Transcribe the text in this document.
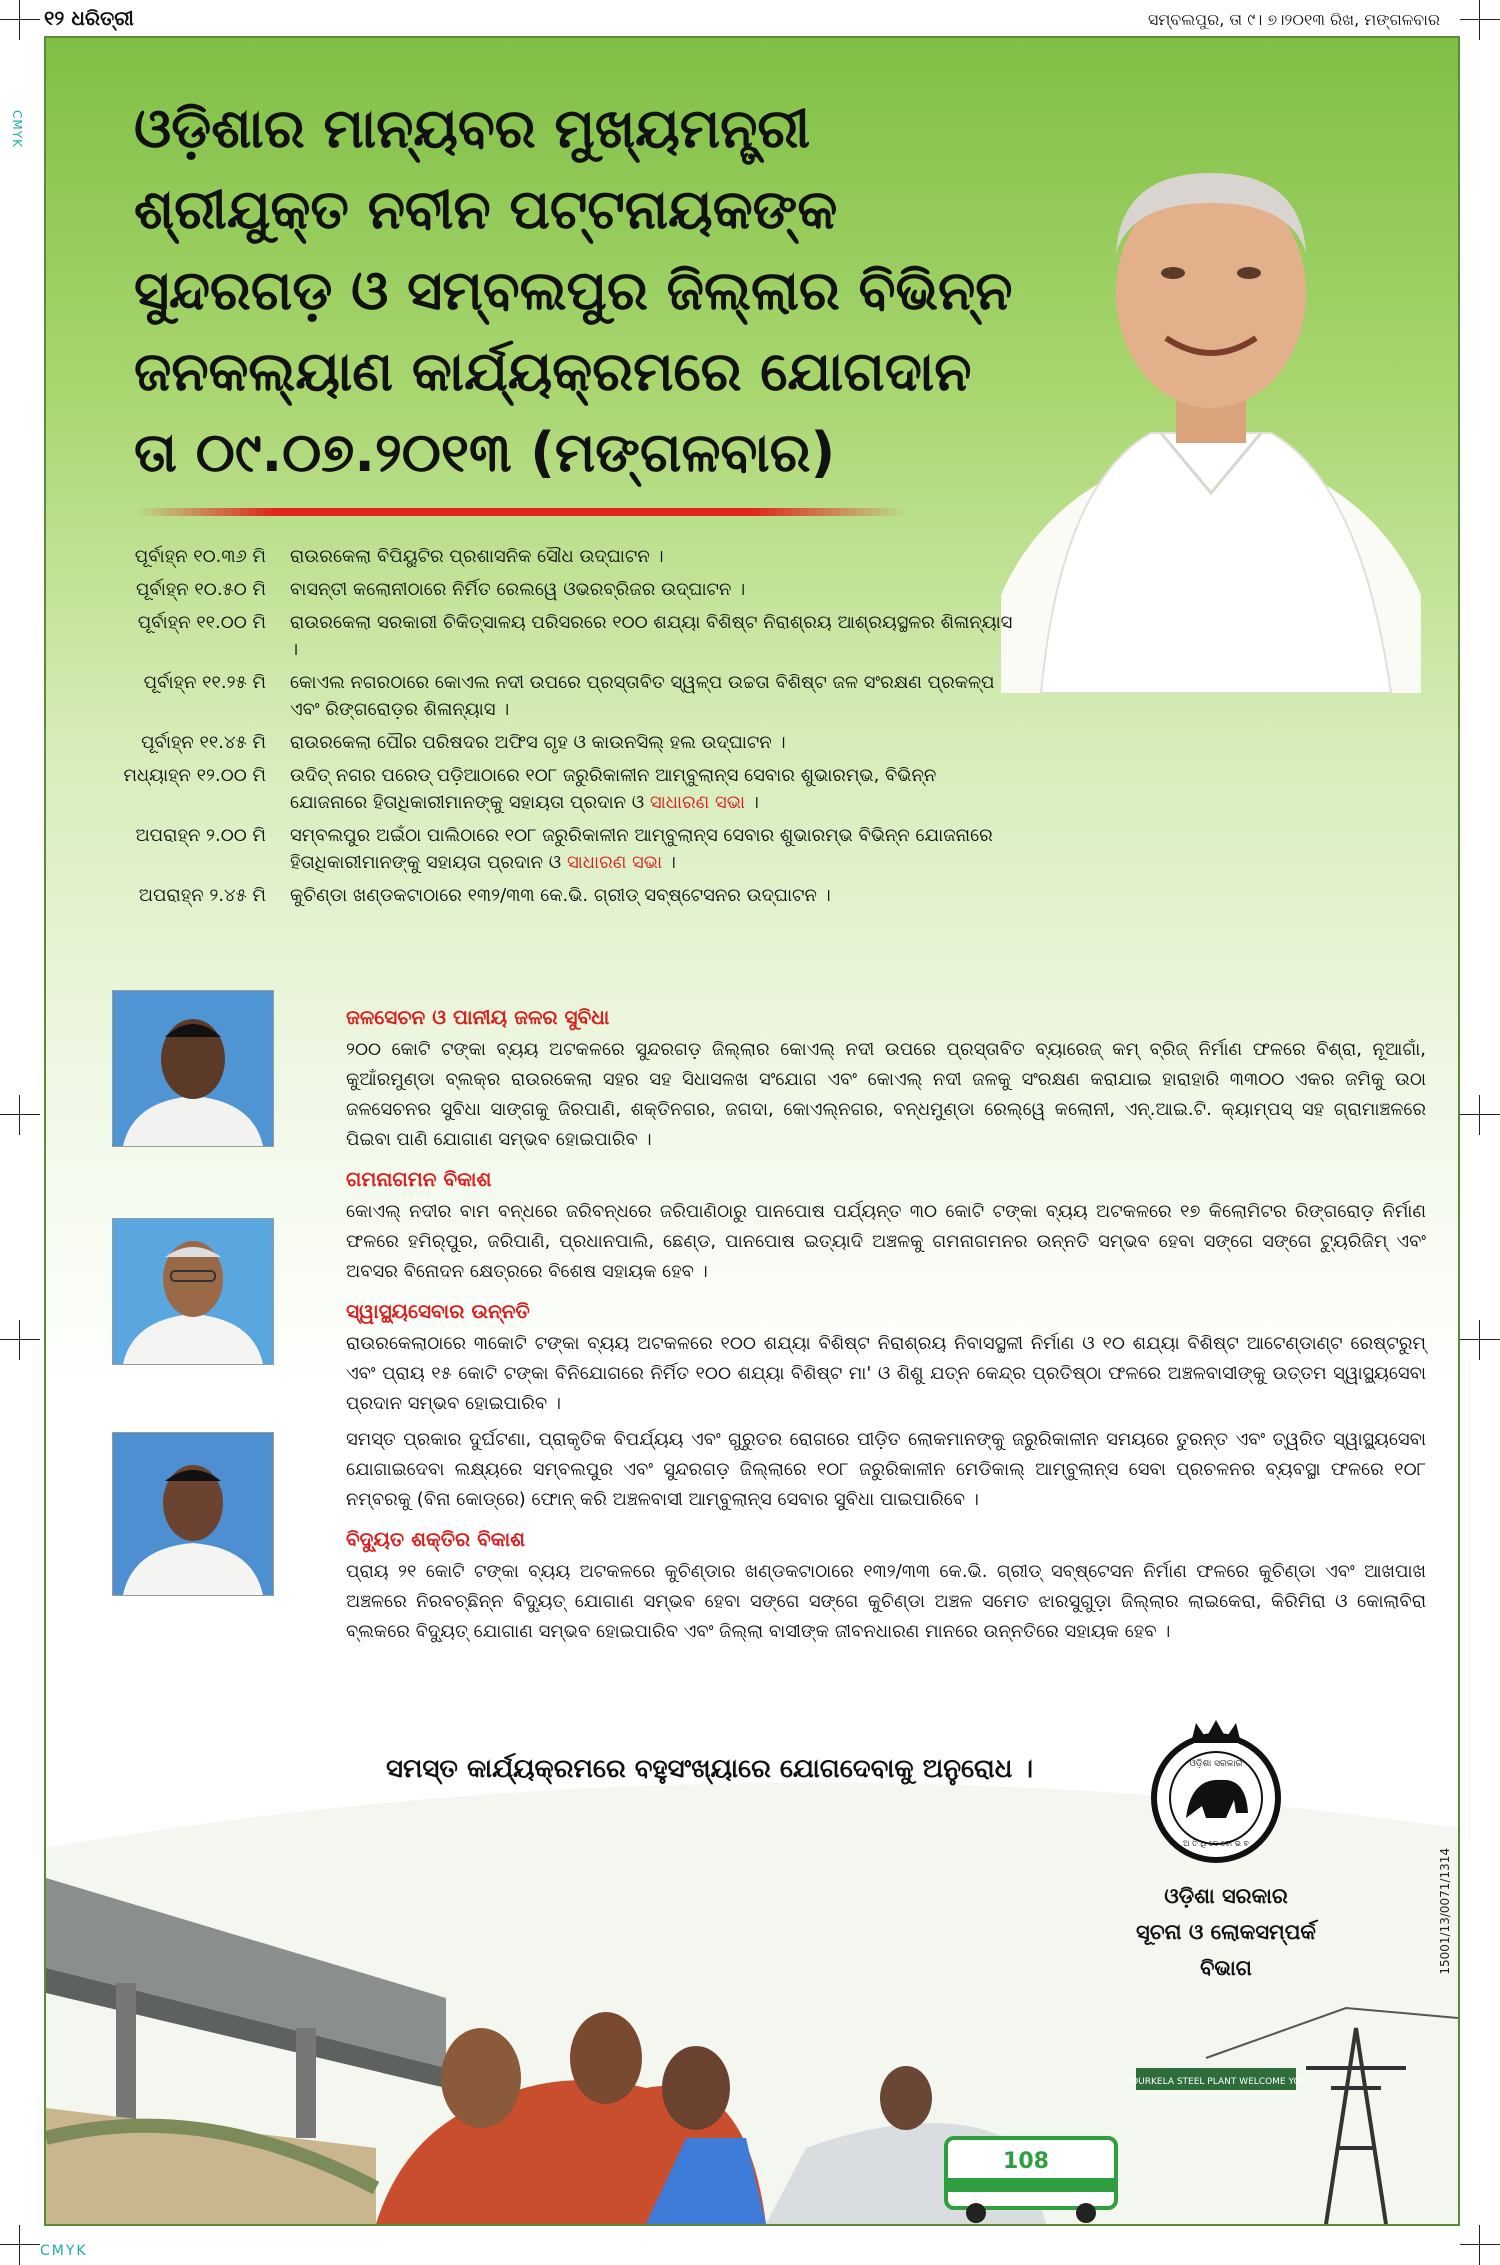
୧୨ ଧରିତ୍ରୀ	ସମ୍ବଲପୁର, ତା ୯। ୭।୨୦୧୩ ରିଖ, ମଙ୍ଗଳବାର
CMYK
CMYK
ଓଡ଼ିଶାର ମାନ୍ୟବର ମୁଖ୍ୟମନ୍ତ୍ରୀ
ଶ୍ରୀଯୁକ୍ତ ନବୀନ ପଟ୍ଟନାୟକଙ୍କ
ସୁନ୍ଦରଗଡ଼ ଓ ସମ୍ବଲପୁର ଜିଲ୍ଲାର ବିଭିନ୍ନ
ଜନକଲ୍ୟାଣ କାର୍ଯ୍ୟକ୍ରମରେ ଯୋଗଦାନ
ତା ୦୯.୦୭.୨୦୧୩ (ମଙ୍ଗଳବାର)
ପୂର୍ବାହ୍ନ ୧୦.୩୬ ମି	ରାଉରକେଲା ବିପିୟୁଟିର ପ୍ରଶାସନିକ ସୌଧ ଉଦ୍‌ଘାଟନ ।
ପୂର୍ବାହ୍ନ ୧୦.୫୦ ମି	ବାସନ୍ତୀ କଲୋନୀଠାରେ ନିର୍ମିତ ରେଲୱେ ଓଭରବ୍ରିଜର ଉଦ୍‌ଘାଟନ ।
ପୂର୍ବାହ୍ନ ୧୧.୦୦ ମି	ରାଉରକେଲା ସରକାରୀ ଚିକିତ୍ସାଳୟ ପରିସରରେ ୧୦୦ ଶଯ୍ୟା ବିଶିଷ୍ଟ ନିରାଶ୍ରୟ ଆଶ୍ରୟସ୍ଥଳର ଶିଳାନ୍ୟାସ ।
ପୂର୍ବାହ୍ନ ୧୧.୨୫ ମି	କୋଏଲ ନଗରଠାରେ କୋଏଲ ନଦୀ ଉପରେ ପ୍ରସ୍ତାବିତ ସ୍ୱଳ୍ପ ଉଚ୍ଚତା ବିଶିଷ୍ଟ ଜଳ ସଂରକ୍ଷଣ ପ୍ରକଳ୍ପ ଏବଂ ରିଙ୍ଗରୋଡ଼ର ଶିଳାନ୍ୟାସ ।
ପୂର୍ବାହ୍ନ ୧୧.୪୫ ମି	ରାଉରକେଲା ପୌର ପରିଷଦର ଅଫିସ ଗୃହ ଓ କାଉନସିଲ୍ ହଲ ଉଦ୍‌ଘାଟନ ।
ମଧ୍ୟାହ୍ନ ୧୨.୦୦ ମି	ଉଦିତ୍ ନଗର ପରେଡ୍ ପଡ଼ିଆଠାରେ ୧୦୮ ଜରୁରିକାଳୀନ ଆମ୍ବୁଲାନ୍ସ ସେବାର ଶୁଭାରମ୍ଭ, ବିଭିନ୍ନ ଯୋଜନାରେ ହିତାଧିକାରୀମାନଙ୍କୁ ସହାୟତା ପ୍ରଦାନ ଓ ସାଧାରଣ ସଭା ।
ଅପରାହ୍ନ ୨.୦୦ ମି	ସମ୍ବଲପୁର ଅଇଁଠା ପାଲିଠାରେ ୧୦୮ ଜରୁରିକାଳୀନ ଆମ୍ବୁଲାନ୍ସ ସେବାର ଶୁଭାରମ୍ଭ ବିଭିନ୍ନ ଯୋଜନାରେ ହିତାଧିକାରୀମାନଙ୍କୁ ସହାୟତା ପ୍ରଦାନ ଓ ସାଧାରଣ ସଭା ।
ଅପରାହ୍ନ ୨.୪୫ ମି	କୁଚିଣ୍ଡା ଖଣ୍ଡକଟାଠାରେ ୧୩୨/୩୩ କେ.ଭି. ଗ୍ରୀଡ୍ ସବ୍‌ଷ୍ଟେସନର ଉଦ୍‌ଘାଟନ ।
ଜଳସେଚନ ଓ ପାନୀୟ ଜଳର ସୁବିଧା

୨୦୦ କୋଟି ଟଙ୍କା ବ୍ୟୟ ଅଟକଳରେ ସୁନ୍ଦରଗଡ଼ ଜିଲ୍ଲାର କୋଏଲ୍ ନଦୀ ଉପରେ ପ୍ରସ୍ତାବିତ ବ୍ୟାରେଜ୍ କମ୍ ବ୍ରିଜ୍ ନିର୍ମାଣ ଫଳରେ ବିଶ୍ରା, ନୂଆଗାଁ, କୁଆଁରମୁଣ୍ଡା ବ୍ଲକ୍‌ର ରାଉରକେଲା ସହର ସହ ସିଧାସଳଖ ସଂଯୋଗ ଏବଂ କୋଏଲ୍ ନଦୀ ଜଳକୁ ସଂରକ୍ଷଣ କରାଯାଇ ହାରାହାରି ୩୩୦୦ ଏକର ଜମିକୁ ଉଠା ଜଳସେଚନର ସୁବିଧା ସାଙ୍ଗକୁ ଜିରପାଣି, ଶକ୍ତିନଗର, ଜଗଦା, କୋଏଲ୍‌ନଗର, ବନ୍ଧମୁଣ୍ଡା ରେଲ୍‌ୱେ କଲୋନୀ, ଏନ୍.ଆଇ.ଟି. କ୍ୟାମ୍ପସ୍ ସହ ଗ୍ରାମାଞ୍ଚଳରେ ପିଇବା ପାଣି ଯୋଗାଣ ସମ୍ଭବ ହୋଇପାରିବ ।

ଗମନାଗମନ ବିକାଶ

କୋଏଲ୍ ନଦୀର ବାମ ବନ୍ଧରେ ଜରିବନ୍ଧରେ ଜରିପାଣିଠାରୁ ପାନପୋଷ ପର୍ଯ୍ୟନ୍ତ ୩୦ କୋଟି ଟଙ୍କା ବ୍ୟୟ ଅଟକଳରେ ୧୭ କିଲୋମିଟର ରିଙ୍ଗରୋଡ଼ ନିର୍ମାଣ ଫଳରେ ହମିର୍‌ପୁର, ଜରିପାଣି, ପ୍ରଧାନପାଲି, ଛେଣ୍ଡ, ପାନପୋଷ ଇତ୍ୟାଦି ଅଞ୍ଚଳକୁ ଗମନାଗମନର ଉନ୍ନତି ସମ୍ଭବ ହେବା ସଙ୍ଗେ ସଙ୍ଗେ ଟ୍ୟୁରିଜିମ୍ ଏବଂ ଅବସର ବିନୋଦନ କ୍ଷେତ୍ରରେ ବିଶେଷ ସହାୟକ ହେବ ।

ସ୍ୱାସ୍ଥ୍ୟସେବାର ଉନ୍ନତି

ରାଉରକେଲାଠାରେ ୩କୋଟି ଟଙ୍କା ବ୍ୟୟ ଅଟକଳରେ ୧୦୦ ଶଯ୍ୟା ବିଶିଷ୍ଟ ନିରାଶ୍ରୟ ନିବାସସ୍ଥଳୀ ନିର୍ମାଣ ଓ ୧୦ ଶଯ୍ୟା ବିଶିଷ୍ଟ ଆଟେଣ୍ଡାଣ୍ଟ ରେଷ୍ଟରୁମ୍ ଏବଂ ପ୍ରାୟ ୧୫ କୋଟି ଟଙ୍କା ବିନିଯୋଗରେ ନିର୍ମିତ ୧୦୦ ଶଯ୍ୟା ବିଶିଷ୍ଟ ମା' ଓ ଶିଶୁ ଯତ୍ନ କେନ୍ଦ୍ର ପ୍ରତିଷ୍ଠା ଫଳରେ ଅଞ୍ଚଳବାସୀଙ୍କୁ ଉତ୍ତମ ସ୍ୱାସ୍ଥ୍ୟସେବା ପ୍ରଦାନ ସମ୍ଭବ ହୋଇପାରିବ ।

ସମସ୍ତ ପ୍ରକାର ଦୁର୍ଘଟଣା, ପ୍ରାକୃତିକ ବିପର୍ଯ୍ୟୟ ଏବଂ ଗୁରୁତର ରୋଗରେ ପୀଡ଼ିତ ଲୋକମାନଙ୍କୁ ଜରୁରିକାଳୀନ ସମୟରେ ତୁରନ୍ତ ଏବଂ ତ୍ୱରିତ ସ୍ୱାସ୍ଥ୍ୟସେବା ଯୋଗାଇଦେବା ଲକ୍ଷ୍ୟରେ ସମ୍ବଲପୁର ଏବଂ ସୁନ୍ଦରଗଡ଼ ଜିଲ୍ଲାରେ ୧୦୮ ଜରୁରିକାଳୀନ ମେଡିକାଲ୍ ଆମ୍ବୁଲାନ୍ସ ସେବା ପ୍ରଚଳନର ବ୍ୟବସ୍ଥା ଫଳରେ ୧୦୮ ନମ୍ବରକୁ (ବିନା କୋଡ୍‌ରେ) ଫୋନ୍ କରି ଅଞ୍ଚଳବାସୀ ଆମ୍ବୁଲାନ୍ସ ସେବାର ସୁବିଧା ପାଇପାରିବେ ।

ବିଦ୍ୟୁତ ଶକ୍ତିର ବିକାଶ

ପ୍ରାୟ ୨୧ କୋଟି ଟଙ୍କା ବ୍ୟୟ ଅଟକଳରେ କୁଚିଣ୍ଡାର ଖଣ୍ଡକଟାଠାରେ ୧୩୨/୩୩ କେ.ଭି. ଗ୍ରୀଡ୍ ସବ୍‌ଷ୍ଟେସନ ନିର୍ମାଣ ଫଳରେ କୁଚିଣ୍ଡା ଏବଂ ଆଖପାଖ ଅଞ୍ଚଳରେ ନିରବଚ୍ଛିନ୍ନ ବିଦ୍ୟୁତ୍ ଯୋଗାଣ ସମ୍ଭବ ହେବା ସଙ୍ଗେ ସଙ୍ଗେ କୁଚିଣ୍ଡା ଅଞ୍ଚଳ ସମେତ ଝାରସୁଗୁଡ଼ା ଜିଲ୍ଲାର ଲାଇକେରା, କିରିମିରା ଓ କୋଲାବିରା ବ୍ଲକରେ ବିଦ୍ୟୁତ୍ ଯୋଗାଣ ସମ୍ଭବ ହୋଇପାରିବ ଏବଂ ଜିଲ୍ଲା ବାସୀଙ୍କ ଜୀବନଧାରଣ ମାନରେ ଉନ୍ନତିରେ ସହାୟକ ହେବ ।

108
ROURKELA STEEL PLANT WELCOME YOU
ସମସ୍ତ କାର୍ଯ୍ୟକ୍ରମରେ ବହୁସଂଖ୍ୟାରେ ଯୋଗଦେବାକୁ ଅନୁରୋଧ ।	ଓଡ଼ିଶା ସରକାର
ଅ ତି ଥି ଦେ ବୋ ଭ ବ
ଓଡ଼ିଶା ସରକାର
ସୂଚନା ଓ ଲୋକସମ୍ପର୍କ ବିଭାଗ	15001/13/0071/1314
